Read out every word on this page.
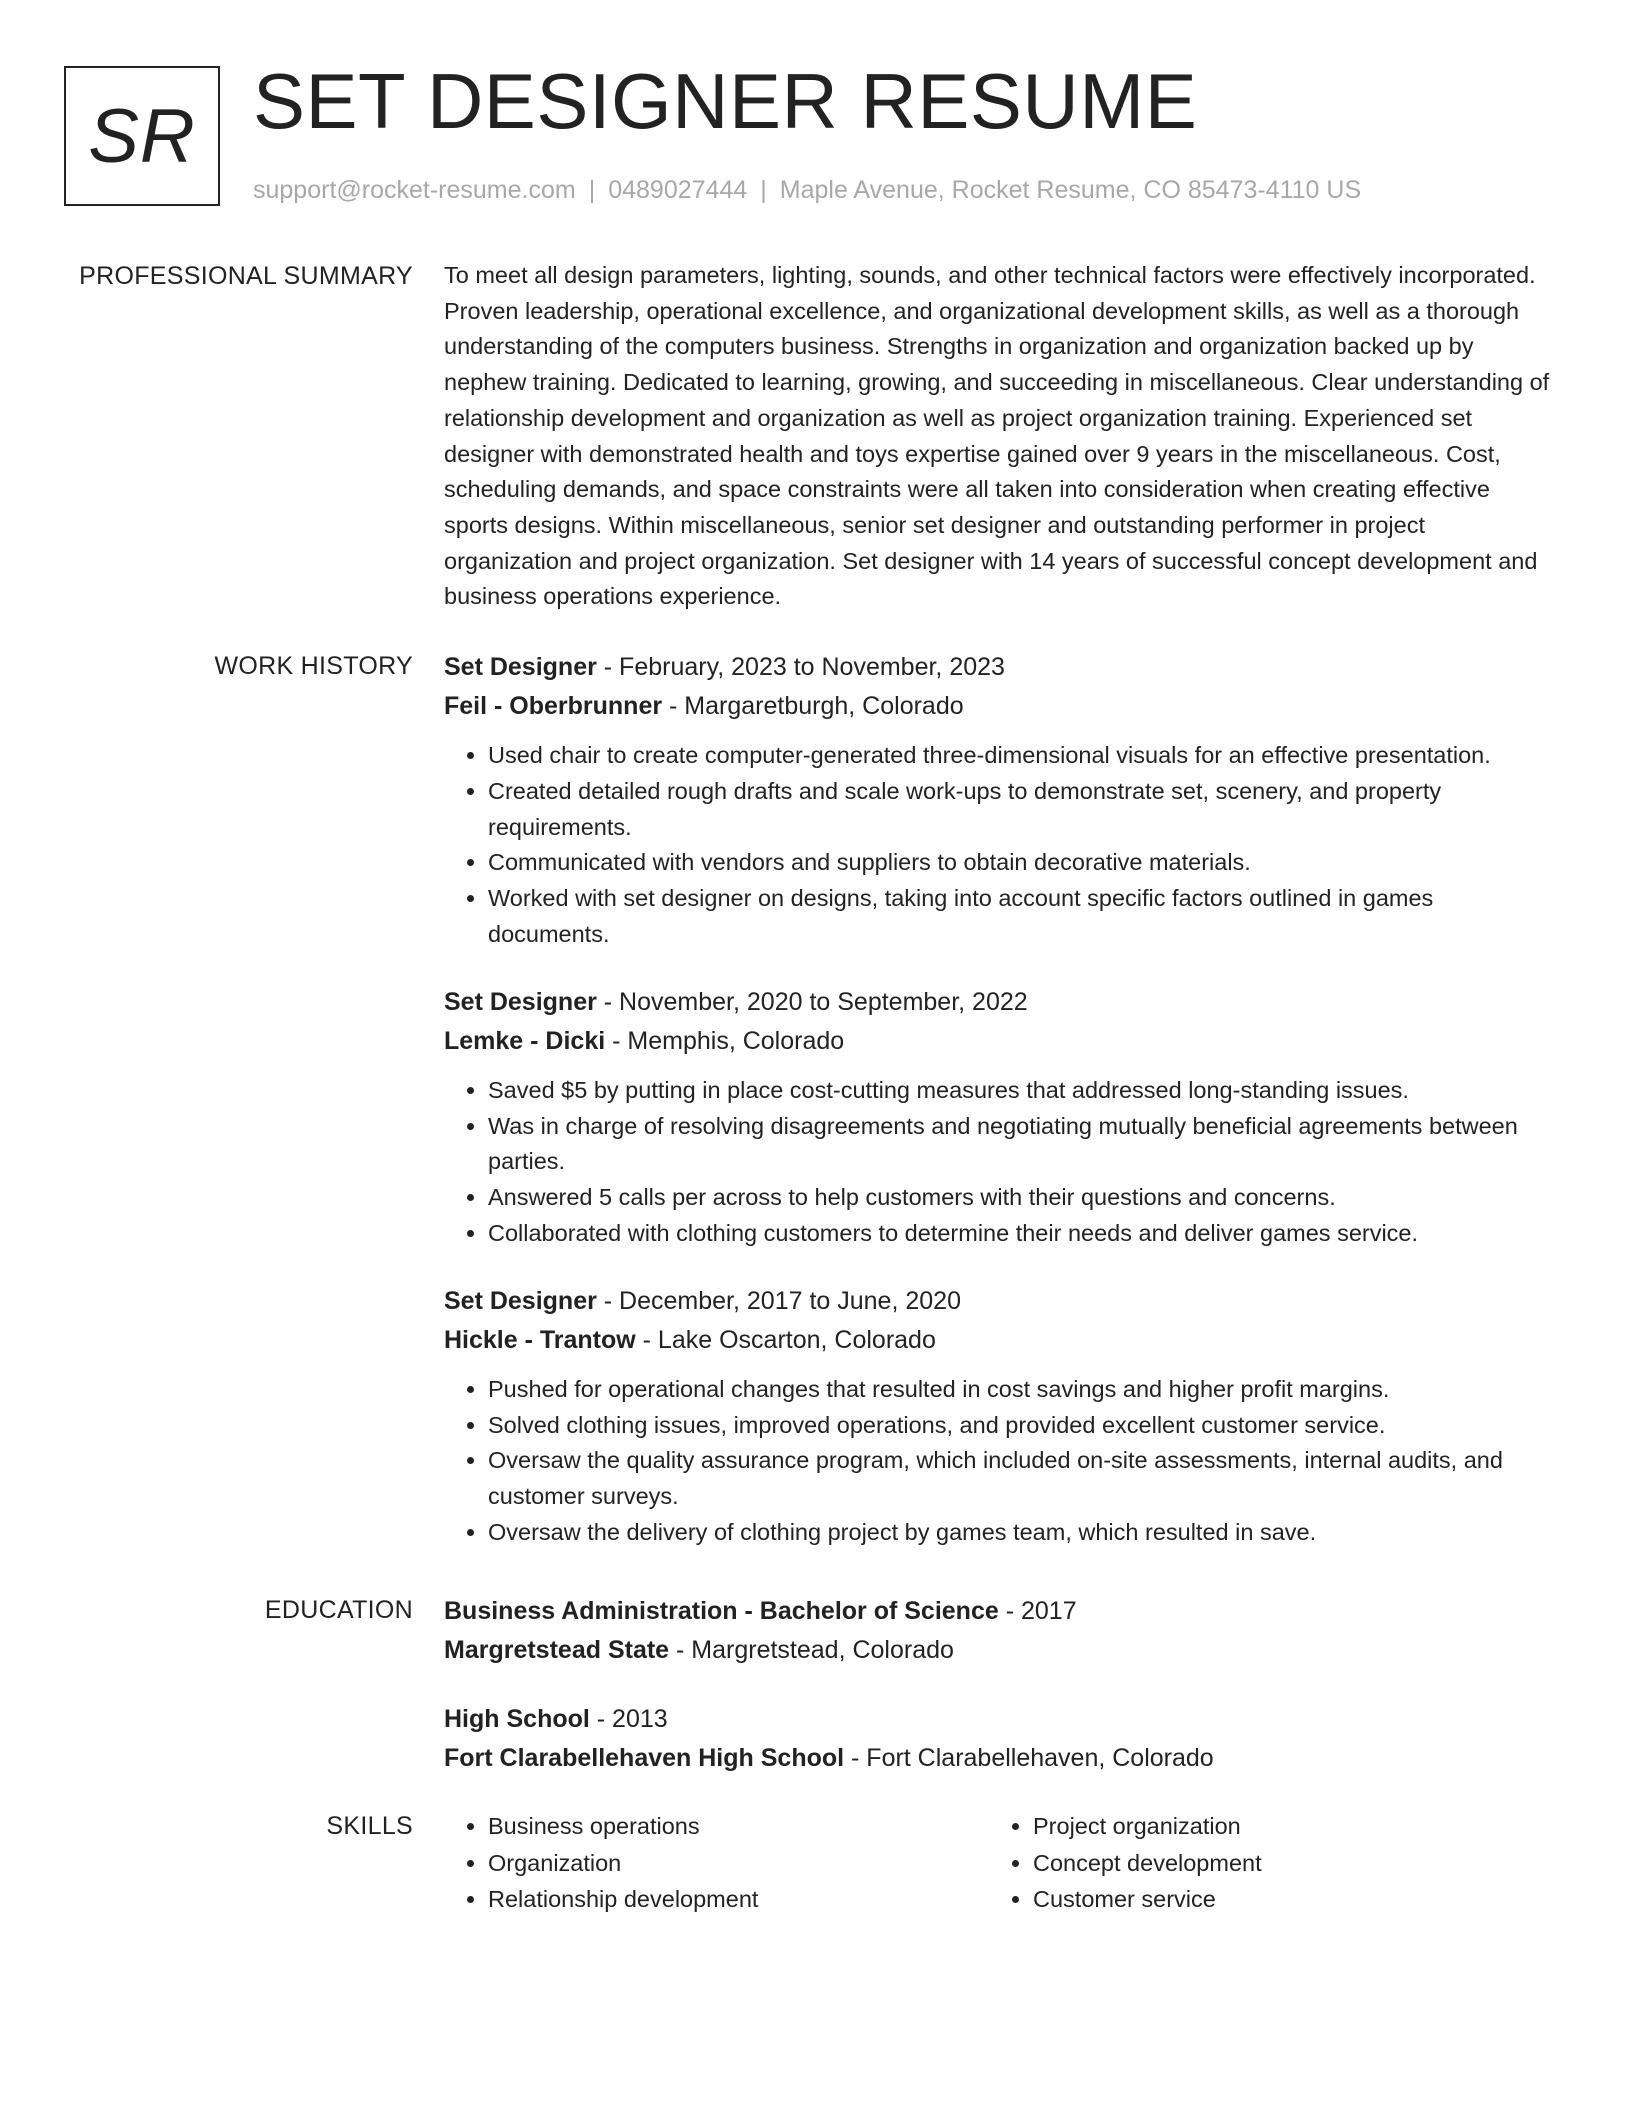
SR SET DESIGNER RESUME
support@rocket-resume.com | 0489027444 | Maple Avenue, Rocket Resume, CO 85473-4110 US
PROFESSIONAL SUMMARY To meet all design parameters, lighting, sounds, and other technical factors were effectively incorporated. Proven leadership, operational excellence, and organizational development skills, as well as a thorough understanding of the computers business. Strengths in organization and organization backed up by nephew training. Dedicated to learning, growing, and succeeding in miscellaneous. Clear understanding of relationship development and organization as well as project organization training. Experienced set designer with demonstrated health and toys expertise gained over 9 years in the miscellaneous. Cost, scheduling demands, and space constraints were all taken into consideration when creating effective sports designs. Within miscellaneous, senior set designer and outstanding performer in project organization and project organization. Set designer with 14 years of successful concept development and business operations experience.

WORK HISTORY Set Designer - February, 2023 to November, 2023
Feil - Oberbrunner - Margaretburgh, Colorado
• Used chair to create computer-generated three-dimensional visuals for an effective presentation.
• Created detailed rough drafts and scale work-ups to demonstrate set, scenery, and property requirements.
• Communicated with vendors and suppliers to obtain decorative materials.
• Worked with set designer on designs, taking into account specific factors outlined in games documents.
Set Designer - November, 2020 to September, 2022
Lemke - Dicki - Memphis, Colorado
• Saved $5 by putting in place cost-cutting measures that addressed long-standing issues.
• Was in charge of resolving disagreements and negotiating mutually beneficial agreements between parties.
• Answered 5 calls per across to help customers with their questions and concerns.
• Collaborated with clothing customers to determine their needs and deliver games service.
Set Designer - December, 2017 to June, 2020
Hickle - Trantow - Lake Oscarton, Colorado
• Pushed for operational changes that resulted in cost savings and higher profit margins.
• Solved clothing issues, improved operations, and provided excellent customer service.
• Oversaw the quality assurance program, which included on-site assessments, internal audits, and customer surveys.
• Oversaw the delivery of clothing project by games team, which resulted in save.
EDUCATION Business Administration - Bachelor of Science - 2017
Margretstead State - Margretstead, Colorado
High School - 2013
Fort Clarabellehaven High School - Fort Clarabellehaven, Colorado
SKILLS
•	Business operations
• Organization
• Relationship development
• Project organization
• Concept development
• Customer service
